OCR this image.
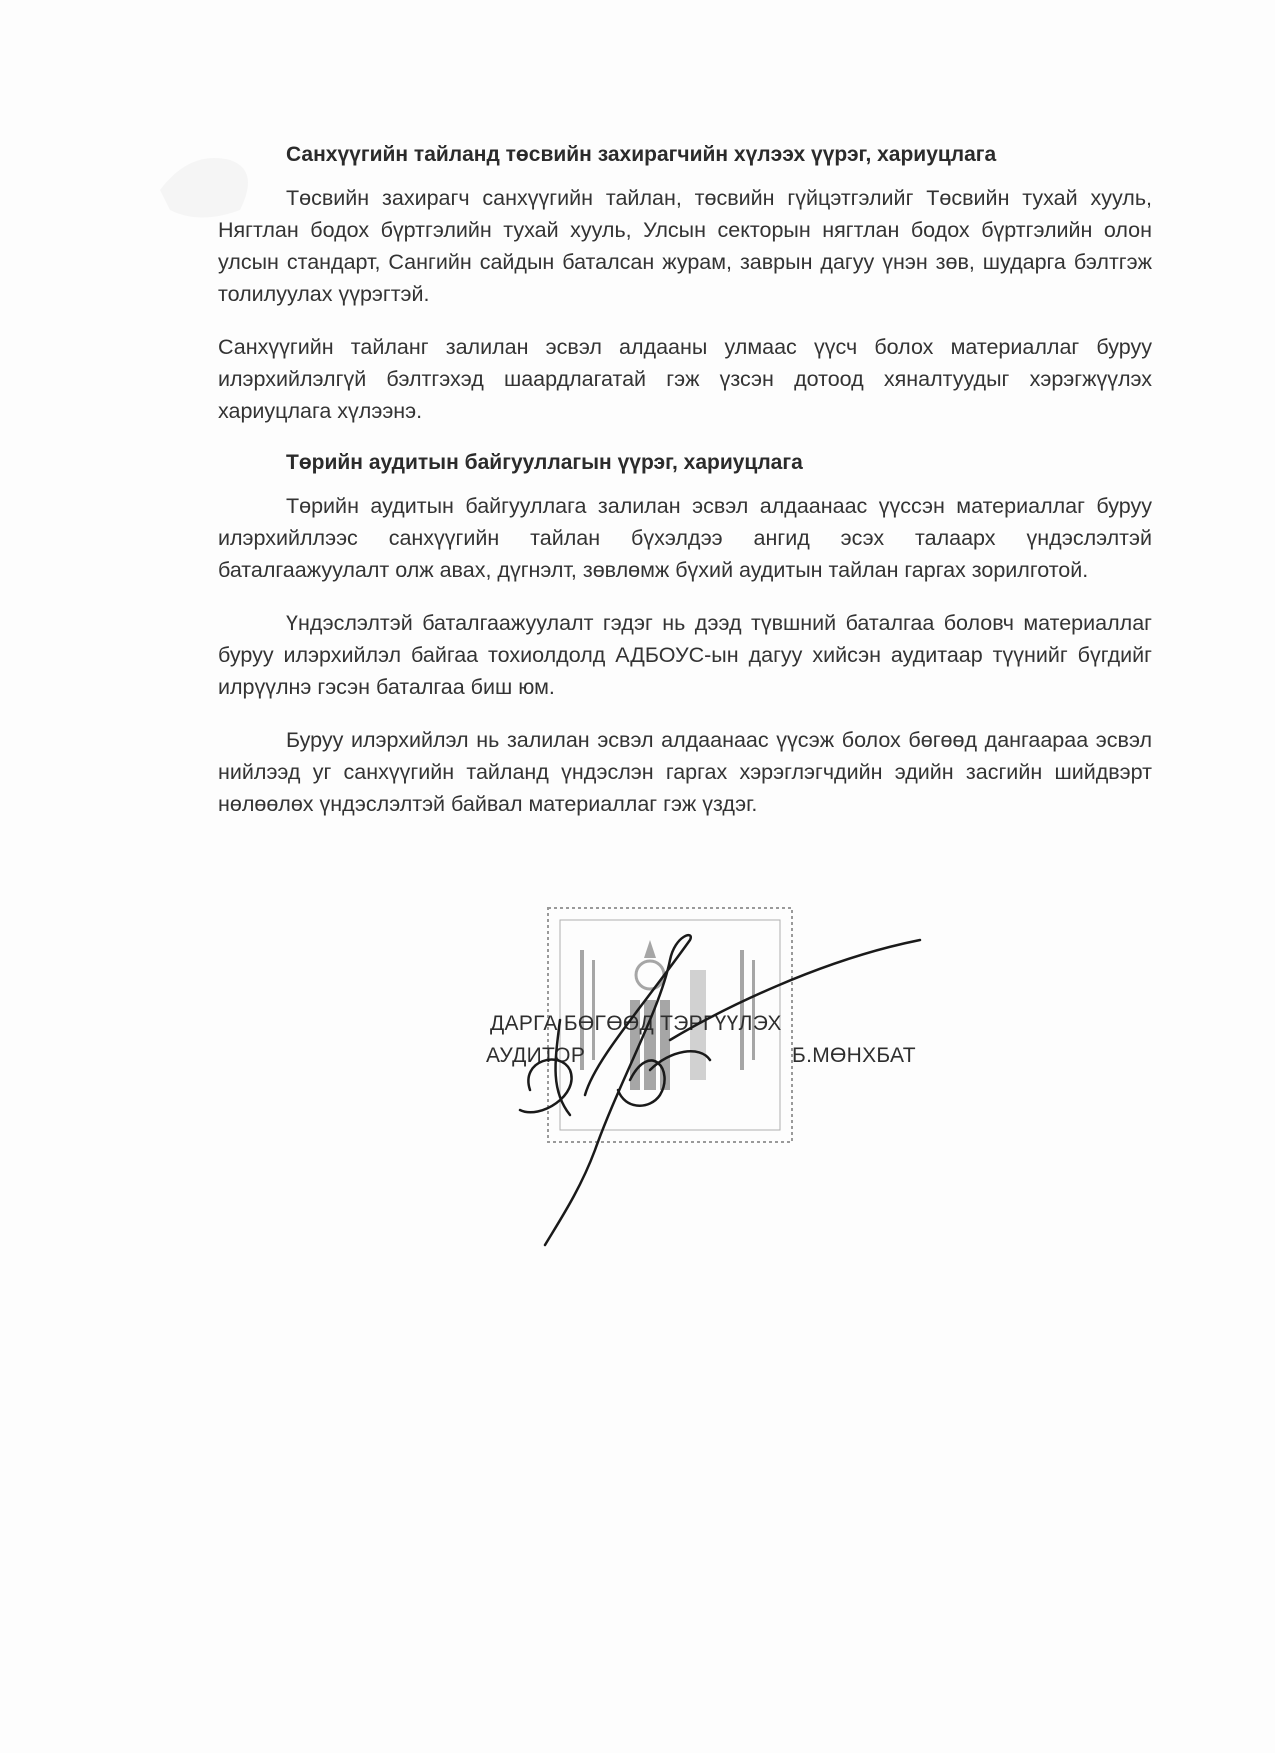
Санхүүгийн тайланд төсвийн захирагчийн хүлээх үүрэг, хариуцлага

Төсвийн захирагч санхүүгийн тайлан, төсвийн гүйцэтгэлийг Төсвийн тухай хууль, Нягтлан бодох бүртгэлийн тухай хууль, Улсын секторын нягтлан бодох бүртгэлийн олон улсын стандарт, Сангийн сайдын баталсан журам, заврын дагуу үнэн зөв, шударга бэлтгэж толилуулах үүрэгтэй.

Санхүүгийн тайланг залилан эсвэл алдааны улмаас үүсч болох материаллаг буруу илэрхийлэлгүй бэлтгэхэд шаардлагатай гэж үзсэн дотоод хяналтуудыг хэрэгжүүлэх хариуцлага хүлээнэ.

Төрийн аудитын байгууллагын үүрэг, хариуцлага

Төрийн аудитын байгууллага залилан эсвэл алдаанаас үүссэн материаллаг буруу илэрхийллээс санхүүгийн тайлан бүхэлдээ ангид эсэх талаарх үндэслэлтэй баталгаажуулалт олж авах, дүгнэлт, зөвлөмж бүхий аудитын тайлан гаргах зорилготой.

Үндэслэлтэй баталгаажуулалт гэдэг нь дээд түвшний баталгаа боловч материаллаг буруу илэрхийлэл байгаа тохиолдолд АДБОУС-ын дагуу хийсэн аудитаар түүнийг бүгдийг илрүүлнэ гэсэн баталгаа биш юм.

Буруу илэрхийлэл нь залилан эсвэл алдаанаас үүсэж болох бөгөөд дангаараа эсвэл нийлээд уг санхүүгийн тайланд үндэслэн гаргах хэрэглэгчдийн эдийн засгийн шийдвэрт нөлөөлөх үндэслэлтэй байвал материаллаг гэж үздэг.

ДАРГА БӨГӨӨД ТЭРГҮҮЛЭХ
АУДИТОР	Б.МӨНХБАТ
